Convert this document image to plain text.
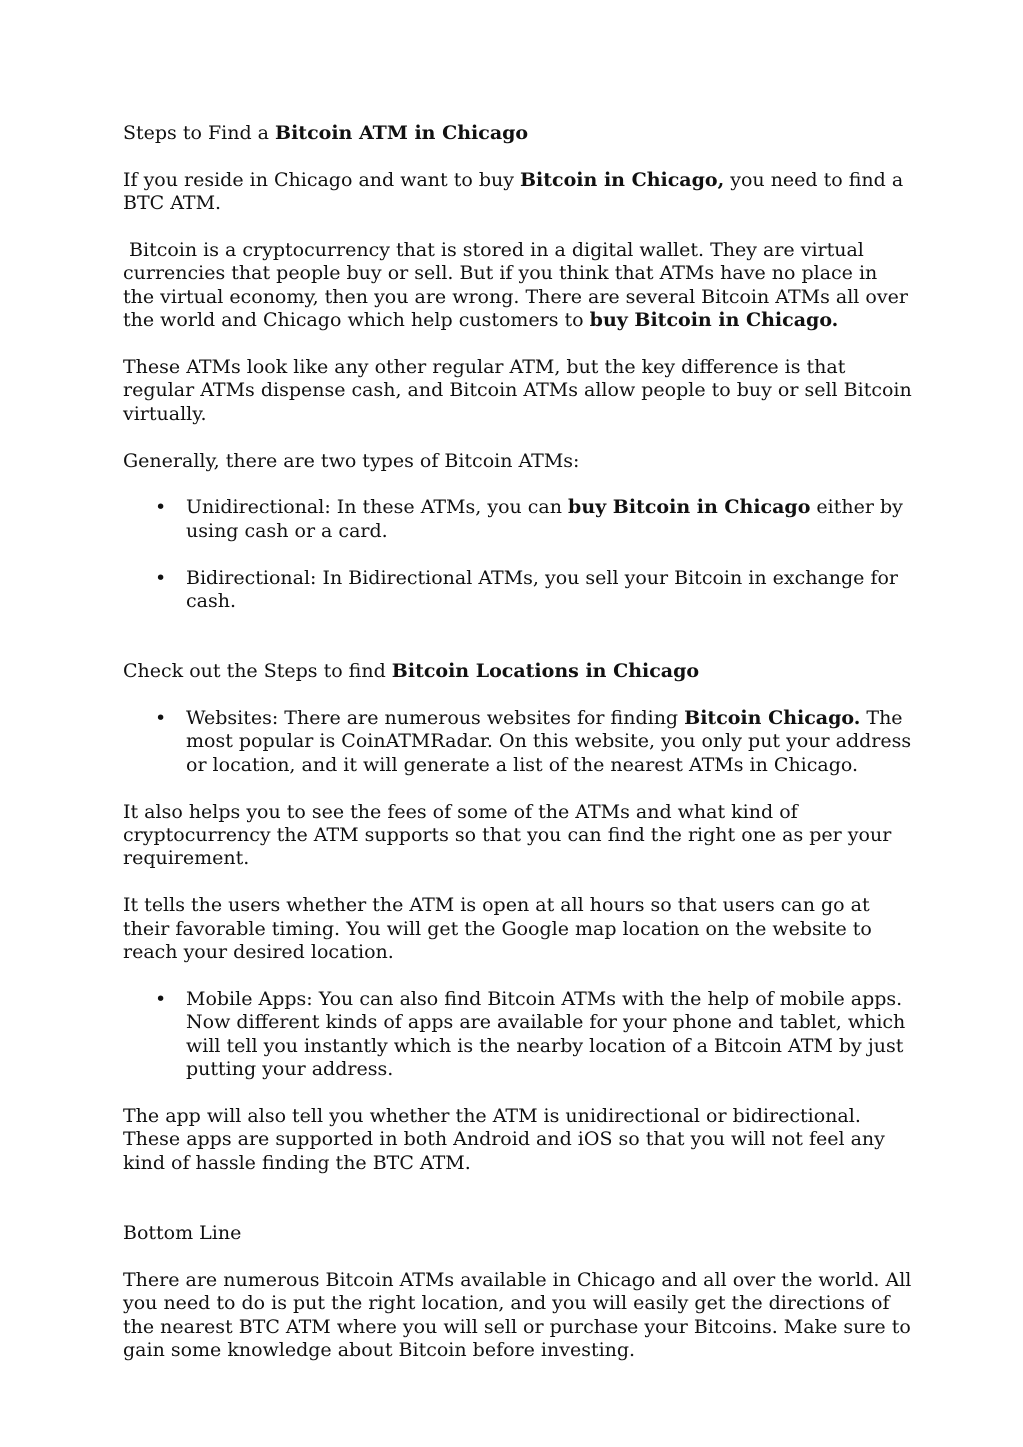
Steps to Find a Bitcoin ATM in Chicago

If you reside in Chicago and want to buy Bitcoin in Chicago, you need to find a BTC ATM.

Bitcoin is a cryptocurrency that is stored in a digital wallet. They are virtual currencies that people buy or sell. But if you think that ATMs have no place in the virtual economy, then you are wrong. There are several Bitcoin ATMs all over the world and Chicago which help customers to buy Bitcoin in Chicago.

These ATMs look like any other regular ATM, but the key difference is that regular ATMs dispense cash, and Bitcoin ATMs allow people to buy or sell Bitcoin virtually.

Generally, there are two types of Bitcoin ATMs:

• Unidirectional: In these ATMs, you can buy Bitcoin in Chicago either by using cash or a card.
• Bidirectional: In Bidirectional ATMs, you sell your Bitcoin in exchange for cash.

Check out the Steps to find Bitcoin Locations in Chicago

• Websites: There are numerous websites for finding Bitcoin Chicago. The most popular is CoinATMRadar. On this website, you only put your address or location, and it will generate a list of the nearest ATMs in Chicago.

It also helps you to see the fees of some of the ATMs and what kind of cryptocurrency the ATM supports so that you can find the right one as per your requirement.

It tells the users whether the ATM is open at all hours so that users can go at their favorable timing. You will get the Google map location on the website to reach your desired location.

• Mobile Apps: You can also find Bitcoin ATMs with the help of mobile apps. Now different kinds of apps are available for your phone and tablet, which will tell you instantly which is the nearby location of a Bitcoin ATM by just putting your address.

The app will also tell you whether the ATM is unidirectional or bidirectional. These apps are supported in both Android and iOS so that you will not feel any kind of hassle finding the BTC ATM.

Bottom Line

There are numerous Bitcoin ATMs available in Chicago and all over the world. All you need to do is put the right location, and you will easily get the directions of the nearest BTC ATM where you will sell or purchase your Bitcoins. Make sure to gain some knowledge about Bitcoin before investing.
